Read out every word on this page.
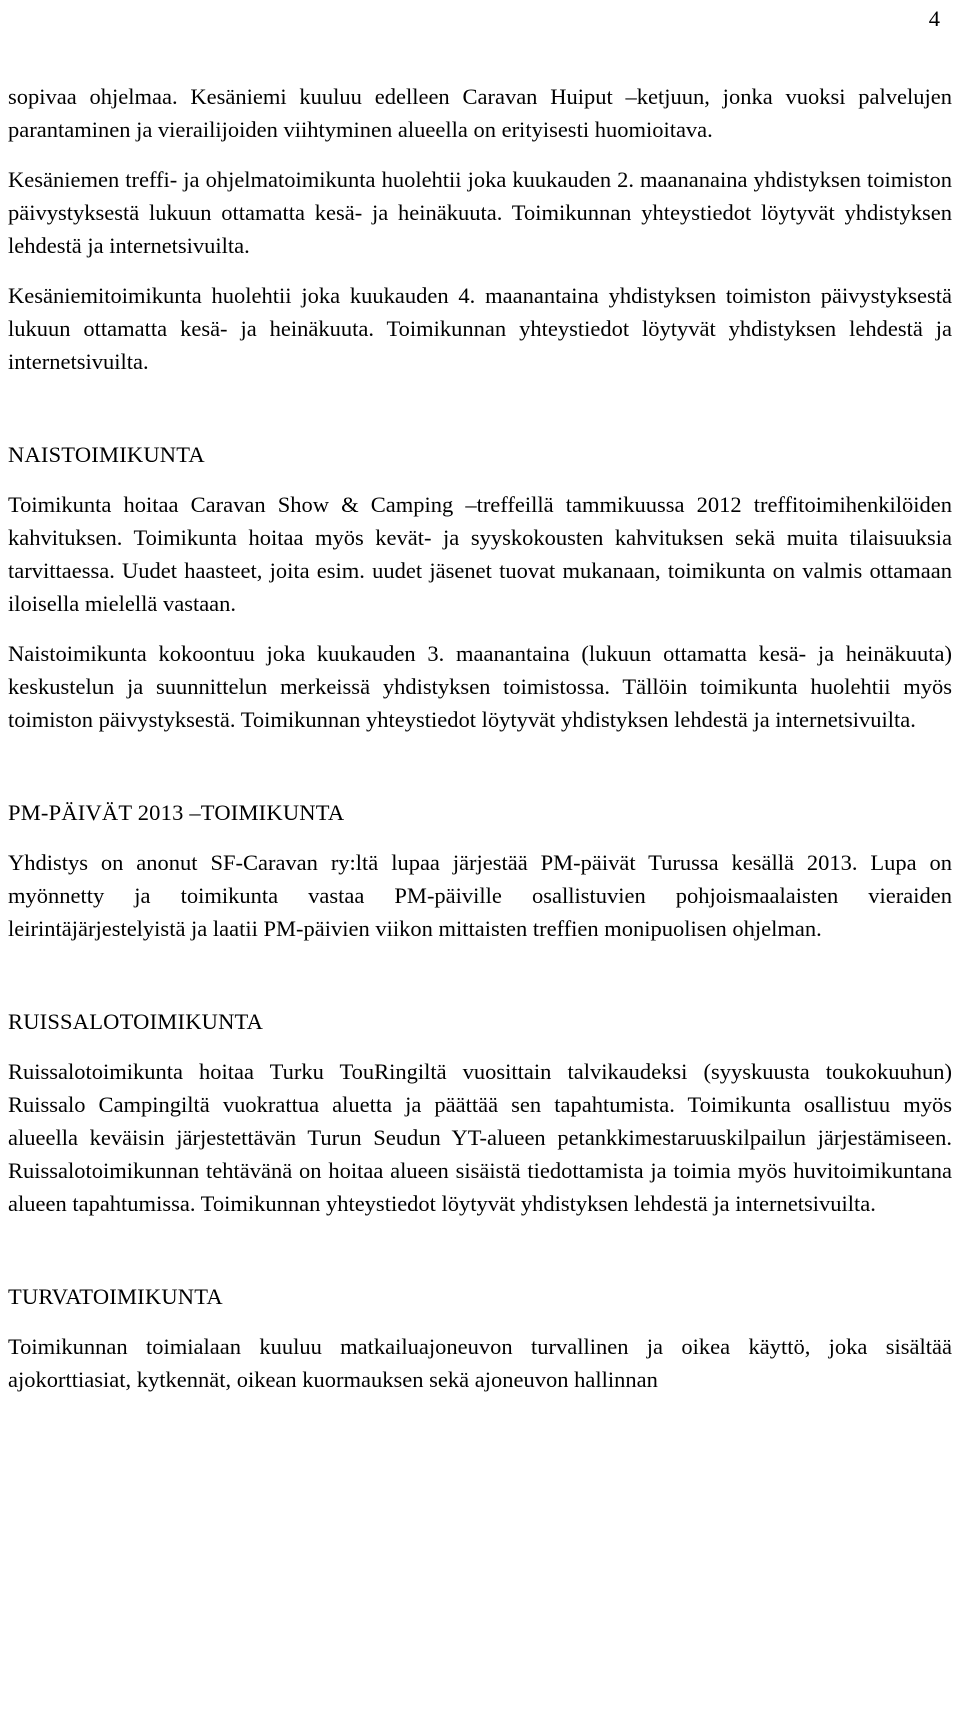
4

sopivaa ohjelmaa. Kesäniemi kuuluu edelleen Caravan Huiput –ketjuun, jonka vuoksi palvelujen parantaminen ja vierailijoiden viihtyminen alueella on erityisesti huomioitava.

Kesäniemen treffi- ja ohjelmatoimikunta huolehtii joka kuukauden 2. maananaina yhdistyksen toimiston päivystyksestä lukuun ottamatta kesä- ja heinäkuuta. Toimikunnan yhteystiedot löytyvät yhdistyksen lehdestä ja internetsivuilta.

Kesäniemitoimikunta huolehtii joka kuukauden 4. maanantaina yhdistyksen toimiston päivystyksestä lukuun ottamatta kesä- ja heinäkuuta. Toimikunnan yhteystiedot löytyvät yhdistyksen lehdestä ja internetsivuilta.

NAISTOIMIKUNTA

Toimikunta hoitaa Caravan Show & Camping –treffeillä tammikuussa 2012 treffitoimihenkilöiden kahvituksen. Toimikunta hoitaa myös kevät- ja syyskokousten kahvituksen sekä muita tilaisuuksia tarvittaessa. Uudet haasteet, joita esim. uudet jäsenet tuovat mukanaan, toimikunta on valmis ottamaan iloisella mielellä vastaan.

Naistoimikunta kokoontuu joka kuukauden 3. maanantaina (lukuun ottamatta kesä- ja heinäkuuta) keskustelun ja suunnittelun merkeissä yhdistyksen toimistossa. Tällöin toimikunta huolehtii myös toimiston päivystyksestä. Toimikunnan yhteystiedot löytyvät yhdistyksen lehdestä ja internetsivuilta.

PM-PÄIVÄT 2013 –TOIMIKUNTA

Yhdistys on anonut SF-Caravan ry:ltä lupaa järjestää PM-päivät Turussa kesällä 2013. Lupa on myönnetty ja toimikunta vastaa PM-päiville osallistuvien pohjoismaalaisten vieraiden leirintäjärjestelyistä ja laatii PM-päivien viikon mittaisten treffien monipuolisen ohjelman.

RUISSALOTOIMIKUNTA

Ruissalotoimikunta hoitaa Turku TouRingiltä vuosittain talvikaudeksi (syyskuusta toukokuuhun) Ruissalo Campingiltä vuokrattua aluetta ja päättää sen tapahtumista. Toimikunta osallistuu myös alueella keväisin järjestettävän Turun Seudun YT-alueen petankkimestaruuskilpailun järjestämiseen. Ruissalotoimikunnan tehtävänä on hoitaa alueen sisäistä tiedottamista ja toimia myös huvitoimikuntana alueen tapahtumissa. Toimikunnan yhteystiedot löytyvät yhdistyksen lehdestä ja internetsivuilta.

TURVATOIMIKUNTA

Toimikunnan toimialaan kuuluu matkailuajoneuvon turvallinen ja oikea käyttö, joka sisältää ajokorttiasiat, kytkennät, oikean kuormauksen sekä ajoneuvon hallinnan
